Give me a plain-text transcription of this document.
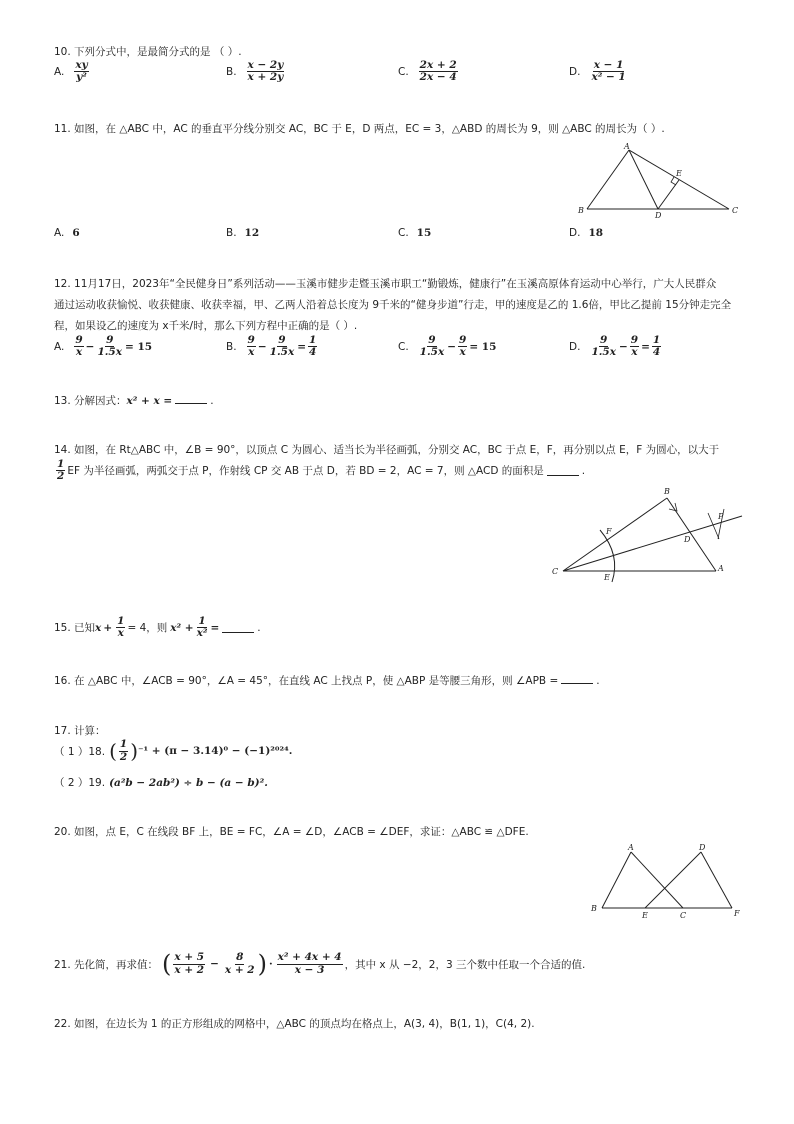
10. 下列分式中，是最简分式的是 （ ）.
A. $\frac{xy}{\text{y²}}$	B. $\frac{x - 2y}{x + 2y}$	C. $\frac{2x + 2}{2x - 4}$	D. $\frac{x - 1}{\text{x² − 1}}$
11. 如图，在 △ABC 中，AC 的垂直平分线分别交 AC，BC 于 E，D 两点，EC = 3，△ABD 的周长为 9，则 △ABC 的周长为（ ）.
A
B	C
D
E
A. 6	B. 12	C. 15	D. 18
12. 11月17日，2023年“全民健身日”系列活动——玉溪市健步走暨玉溪市职工“勤锻炼，健康行”在玉溪高原体育运动中心举行，广大人民群众
通过运动收获愉悦、收获健康、收获幸福，甲、乙两人沿着总长度为 9千米的“健身步道”行走，甲的速度是乙的 1.6倍，甲比乙提前 15分钟走完全
程，如果设乙的速度为 x千米/时，那么下列方程中正确的是（ ）.
A. $\frac{9}{x} - \frac{9}{1.5x} = 15$	B. $\frac{9}{x} - \frac{9}{1.5x} = \frac{1}{4}$	C. $\frac{9}{1.5x} - \frac{9}{x} = 15$	D. $\frac{9}{1.5x} - \frac{9}{x} = \frac{1}{4}$
13. 分解因式：x² + x =	.
14. 如图，在 Rt△ABC 中，∠B = 90°，以顶点 C 为圆心、适当长为半径画弧，分别交 AC，BC 于点 E，F，再分别以点 E，F 为圆心，以大于
$\frac{1}{2}$ EF 为半径画弧，两弧交于点 P，作射线 CP 交 AB 于点 D，若 BD = 2，AC = 7，则 △ACD 的面积是	.
B
C	A
D
E
F
P
15. 已知 $x + \frac{1}{x} = 4$，则 $x^2 + \frac{1}{\text{x²}}$ =	.
16. 在 △ABC 中，∠ACB = 90°，∠A = 45°，在直线 AC 上找点 P，使 △ABP 是等腰三角形，则 ∠APB =	.
17. 计算：
（ 1 ）18. ( $\frac{1}{2}$ ) ⁻¹ + (π − 3.14)⁰ − (−1)²⁰²⁴.
（ 2 ）19. (a²b − 2ab²) ÷ b − (a − b)².
20. 如图，点 E，C 在线段 BF 上，BE = FC，∠A = ∠D，∠ACB = ∠DEF，求证：△ABC ≌ △DFE.
A
B
C
D
E	F
21. 先化简，再求值： ( $\frac{x + 5}{x + 2} - \frac{8}{x + 2}$ ) · $\frac{\text{x² + 4x + 4}}{x - 3}$ ，其中 x 从 −2，2，3 三个数中任取一个合适的值.
22. 如图，在边长为 1 的正方形组成的网格中，△ABC 的顶点均在格点上，A(3, 4)，B(1, 1)，C(4, 2).
